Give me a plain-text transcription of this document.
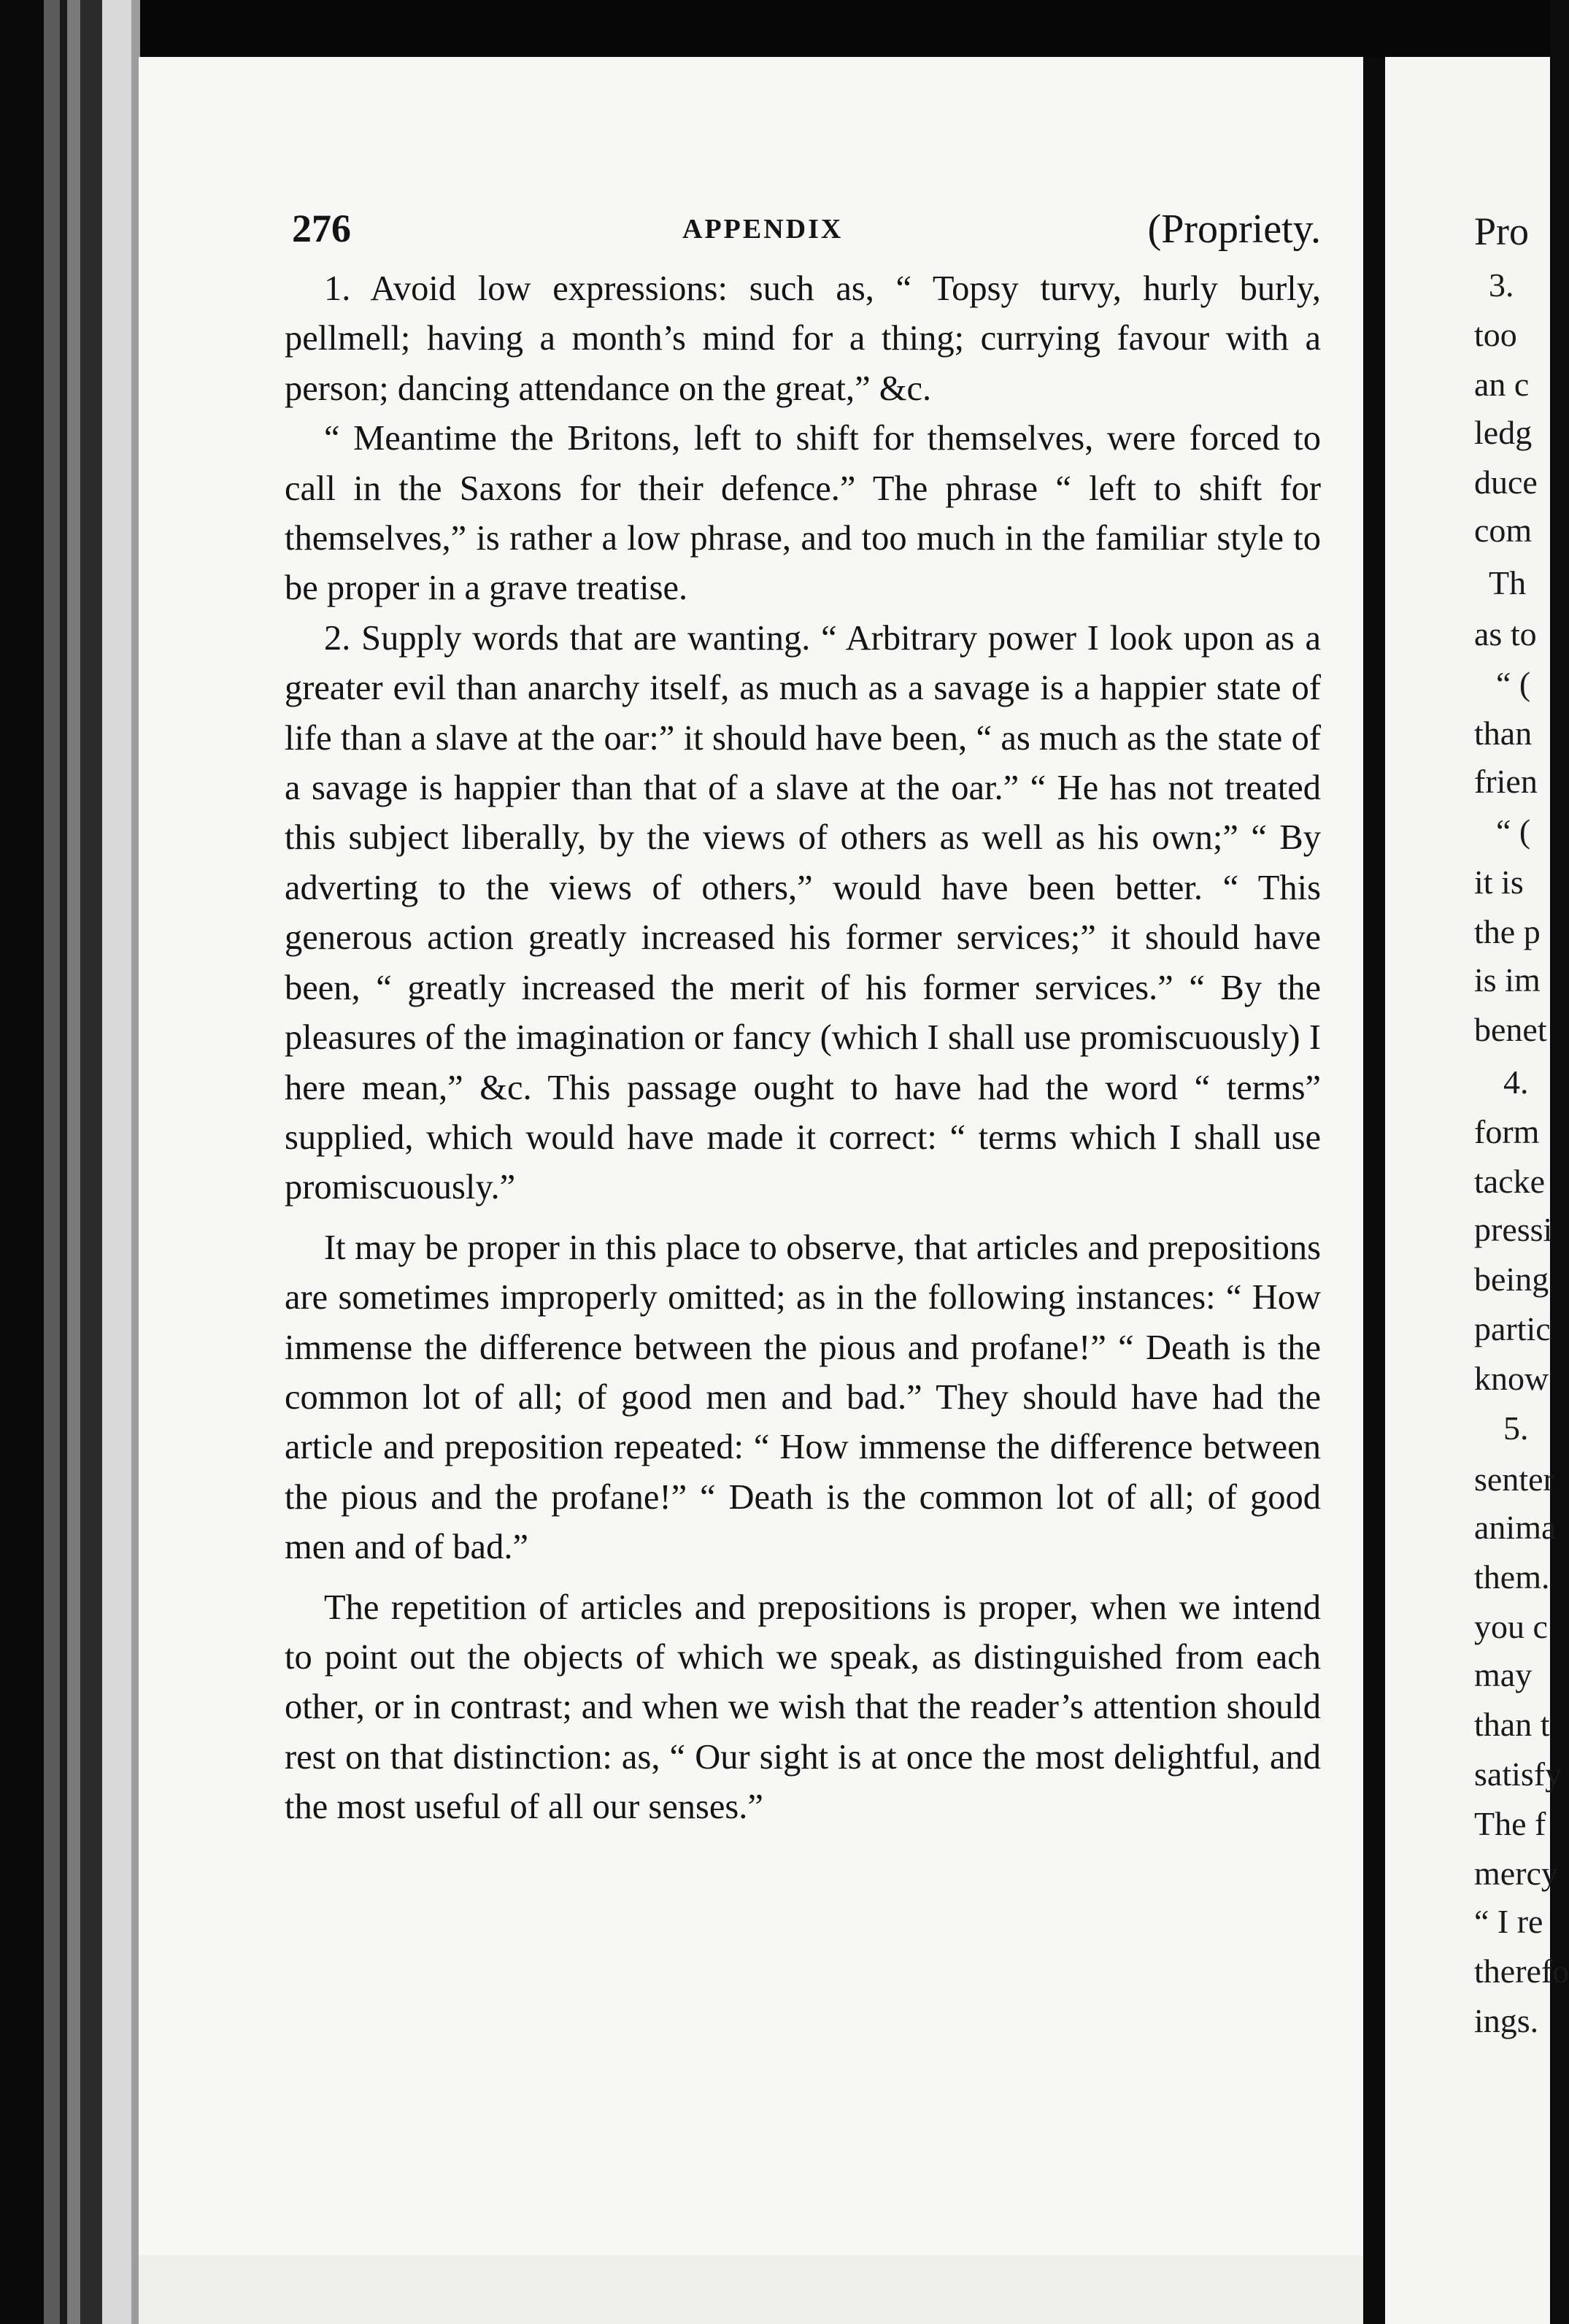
276	APPENDIX	(Propriety.

1. Avoid low expressions: such as, “ Topsy turvy, hurly burly, pellmell; having a month’s mind for a thing; currying favour with a person; dancing attendance on the great,” &c.

“ Meantime the Britons, left to shift for themselves, were forced to call in the Saxons for their defence.” The phrase “ left to shift for themselves,” is rather a low phrase, and too much in the familiar style to be proper in a grave treatise.

2. Supply words that are wanting. “ Arbitrary power I look upon as a greater evil than anarchy itself, as much as a savage is a happier state of life than a slave at the oar:” it should have been, “ as much as the state of a savage is happier than that of a slave at the oar.” “ He has not treated this subject liberally, by the views of others as well as his own;” “ By adverting to the views of others,” would have been better. “ This generous action greatly increased his former services;” it should have been, “ greatly increased the merit of his former services.” “ By the pleasures of the imagination or fancy (which I shall use promiscuously) I here mean,” &c. This passage ought to have had the word “ terms” supplied, which would have made it correct: “ terms which I shall use promiscuously.”

It may be proper in this place to observe, that articles and prepositions are sometimes improperly omitted; as in the following instances: “ How immense the difference between the pious and profane!” “ Death is the common lot of all; of good men and bad.” They should have had the article and preposition repeated: “ How immense the difference between the pious and the profane!” “ Death is the common lot of all; of good men and of bad.”

The repetition of articles and prepositions is proper, when we intend to point out the objects of which we speak, as distinguished from each other, or in contrast; and when we wish that the reader’s attention should rest on that distinction: as, “ Our sight is at once the most delightful, and the most useful of all our senses.”

Pro
3.
too
an c
ledg
duce
com
Th
as to
“ (
than
frien
“ (
it is
the p
is im
benet
4.
form
tacke
pressi
being
partic
know
5.
senter
anima
them.
you c
may
than t
satisfy
The f
mercy
“ I re
therefo
ings.
